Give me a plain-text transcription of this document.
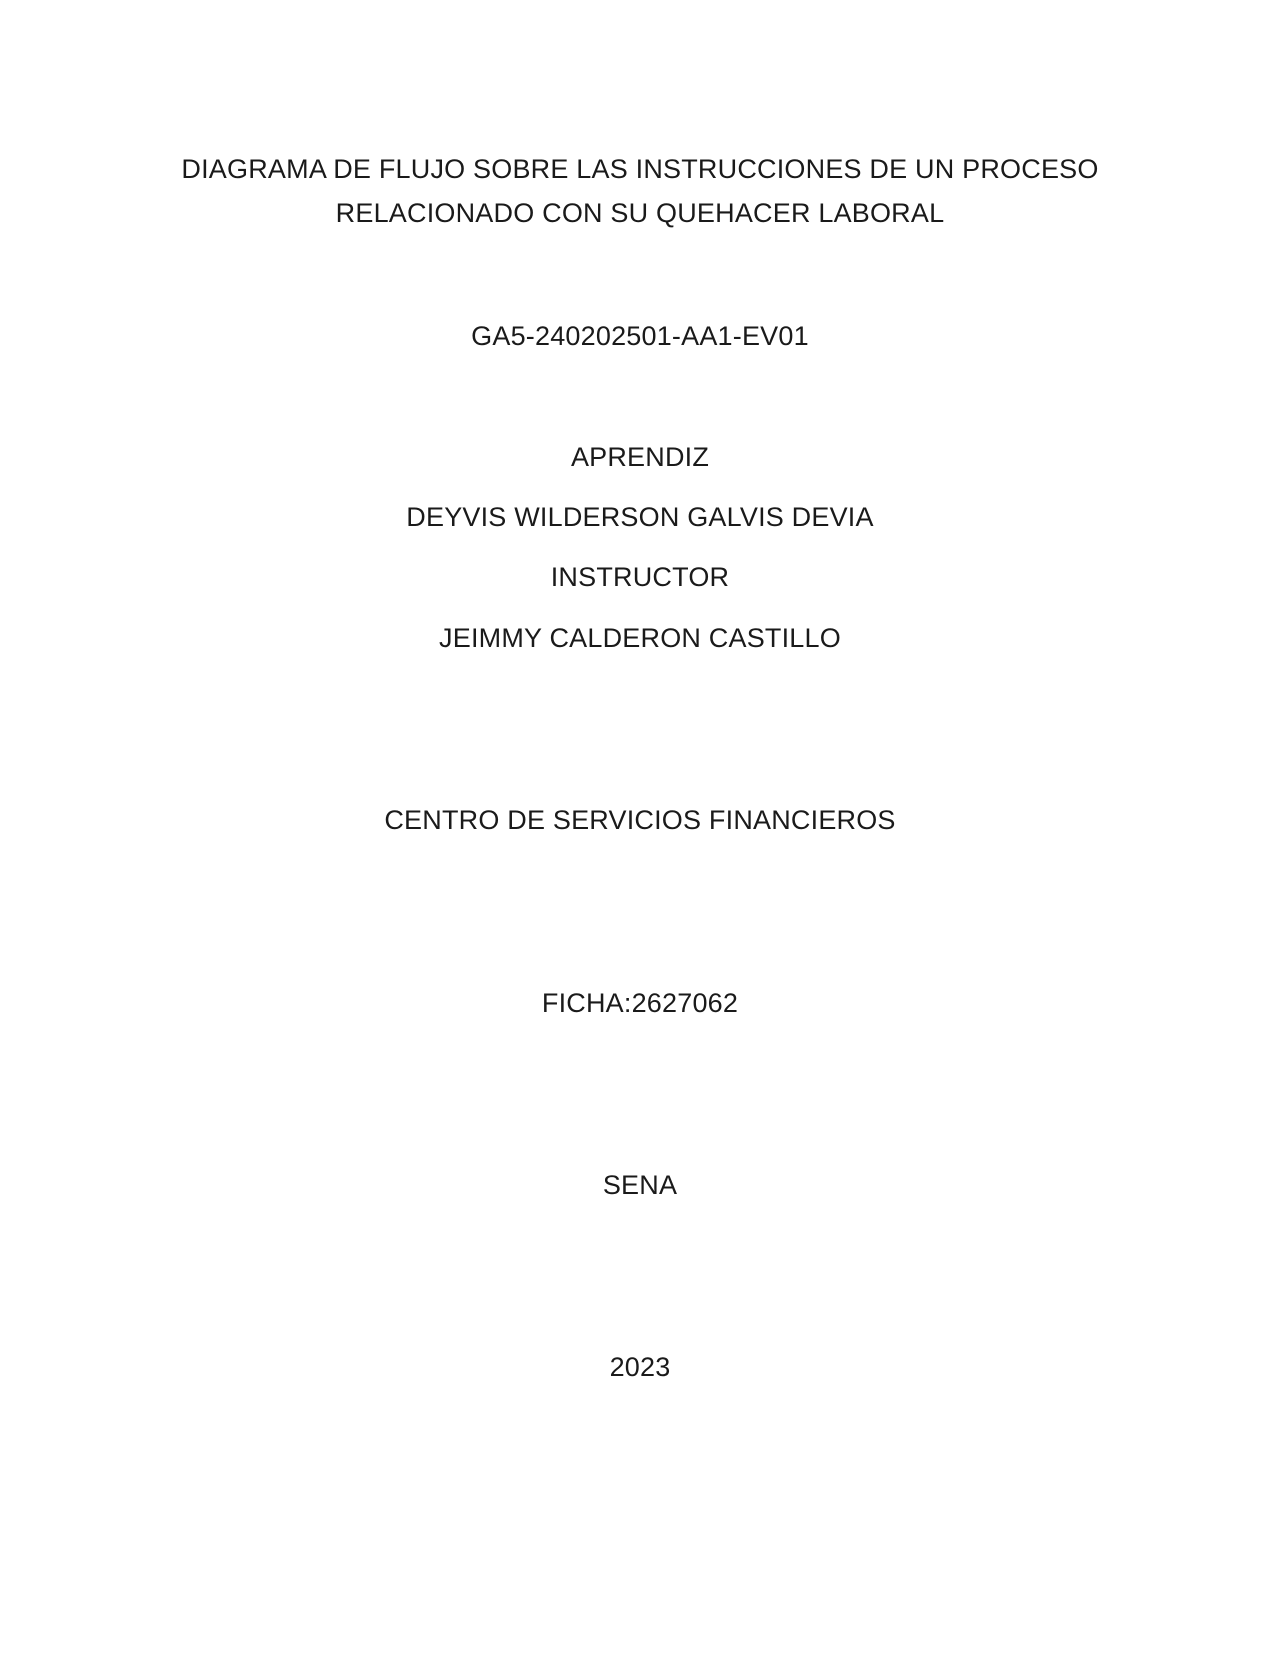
DIAGRAMA DE FLUJO SOBRE LAS INSTRUCCIONES DE UN PROCESO
RELACIONADO CON SU QUEHACER LABORAL
GA5-240202501-AA1-EV01
APRENDIZ
DEYVIS WILDERSON GALVIS DEVIA
INSTRUCTOR
JEIMMY CALDERON CASTILLO
CENTRO DE SERVICIOS FINANCIEROS
FICHA:2627062
SENA
2023
